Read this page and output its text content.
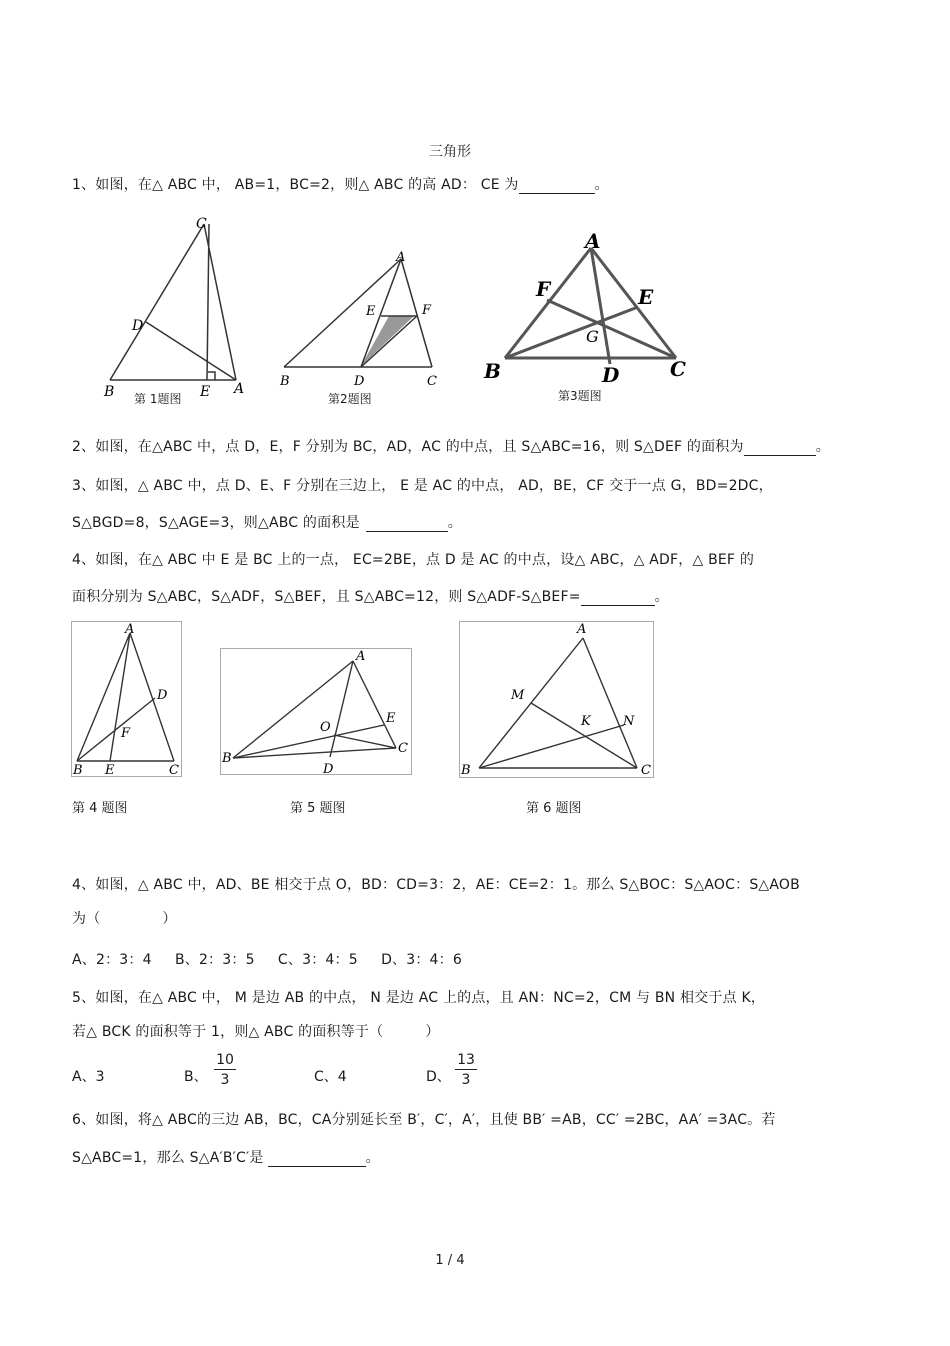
三角形
1、如图，在△ ABC 中， AB=1，BC=2，则△ ABC 的高 AD： CE 为	。
C
D
B	E A
第 1题图
A
E	F
B	D	C
第2题图
A
F	E
G
B	D	C
第3题图
2、如图，在△ABC 中，点 D，E，F 分别为 BC，AD，AC 的中点，且 S△ABC=16，则 S△DEF 的面积为	。
3、如图，△ ABC 中，点 D、E、F 分别在三边上， E 是 AC 的中点， AD，BE，CF 交于一点 G，BD=2DC，
S△BGD=8，S△AGE=3，则△ABC 的面积是	。
4、如图，在△ ABC 中 E 是 BC 上的一点， EC=2BE，点 D 是 AC 的中点，设△ ABC，△ ADF，△ BEF 的
面积分别为 S△ABC，S△ADF，S△BEF，且 S△ABC=12，则 S△ADF-S△BEF=	。
A
D
F
B E	C
A
O
E
B
D
C
A
M
K N
B	C
第 4 题图	第 5 题图	第 6 题图
4、如图，△ ABC 中，AD、BE 相交于点 O，BD：CD=3：2，AE：CE=2：1。那么 S△BOC：S△AOC：S△AOB
为（	）
A、2：3：4     B、2：3：5     C、3：4：5     D、3：4：6
5、如图，在△ ABC 中， M 是边 AB 的中点， N 是边 AC 上的点，且 AN：NC=2，CM 与 BN 相交于点 K，
若△ BCK 的面积等于 1，则△ ABC 的面积等于（	）
A、3	B、 $\frac{10}{3}$	C、4	D、 $\frac{13}{3}$
6、如图，将△ ABC的三边 AB，BC，CA分别延长至 B′，C′，A′，且使 BB′ =AB，CC′ =2BC，AA′ =3AC。若
S△ABC=1，那么 S△A′B′C′是	。
1 / 4
